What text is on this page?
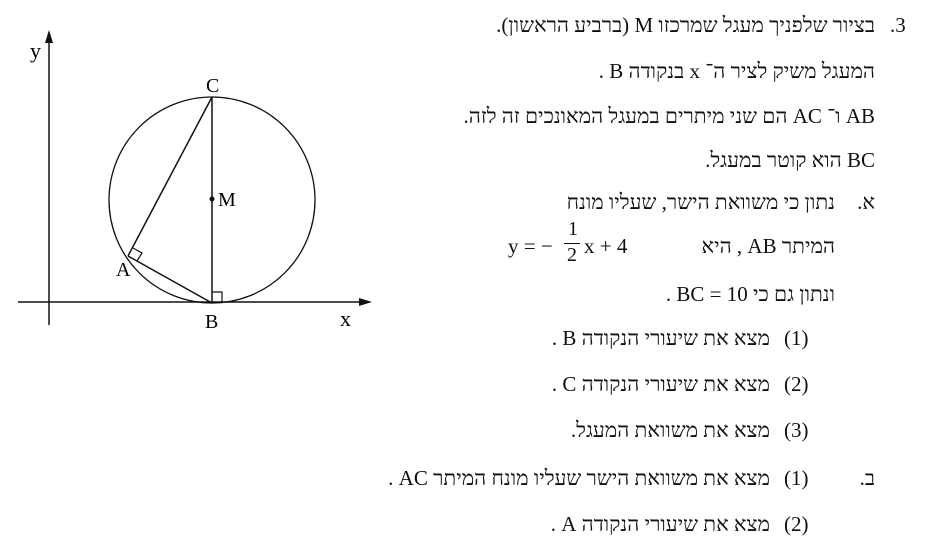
y
x
C
M
A
B
.3
בציור שלפניך מעגל שמרכזו M (ברביע הראשון).
המעגל משיק לציר ה־ x בנקודה B .
AB ו־ AC הם שני מיתרים במעגל המאונכים זה לזה.
BC הוא קוטר במעגל.
א.
נתון כי משוואת הישר, שעליו מונח
המיתר AB , היא
y = −
1
2 x + 4
ונתון גם כי BC = 10 .
(1)
מצא את שיעורי הנקודה B .
(2)
מצא את שיעורי הנקודה C .
(3)
מצא את משוואת המעגל.
ב.
(1)
מצא את משוואת הישר שעליו מונח המיתר AC .
(2)
מצא את שיעורי הנקודה A .
